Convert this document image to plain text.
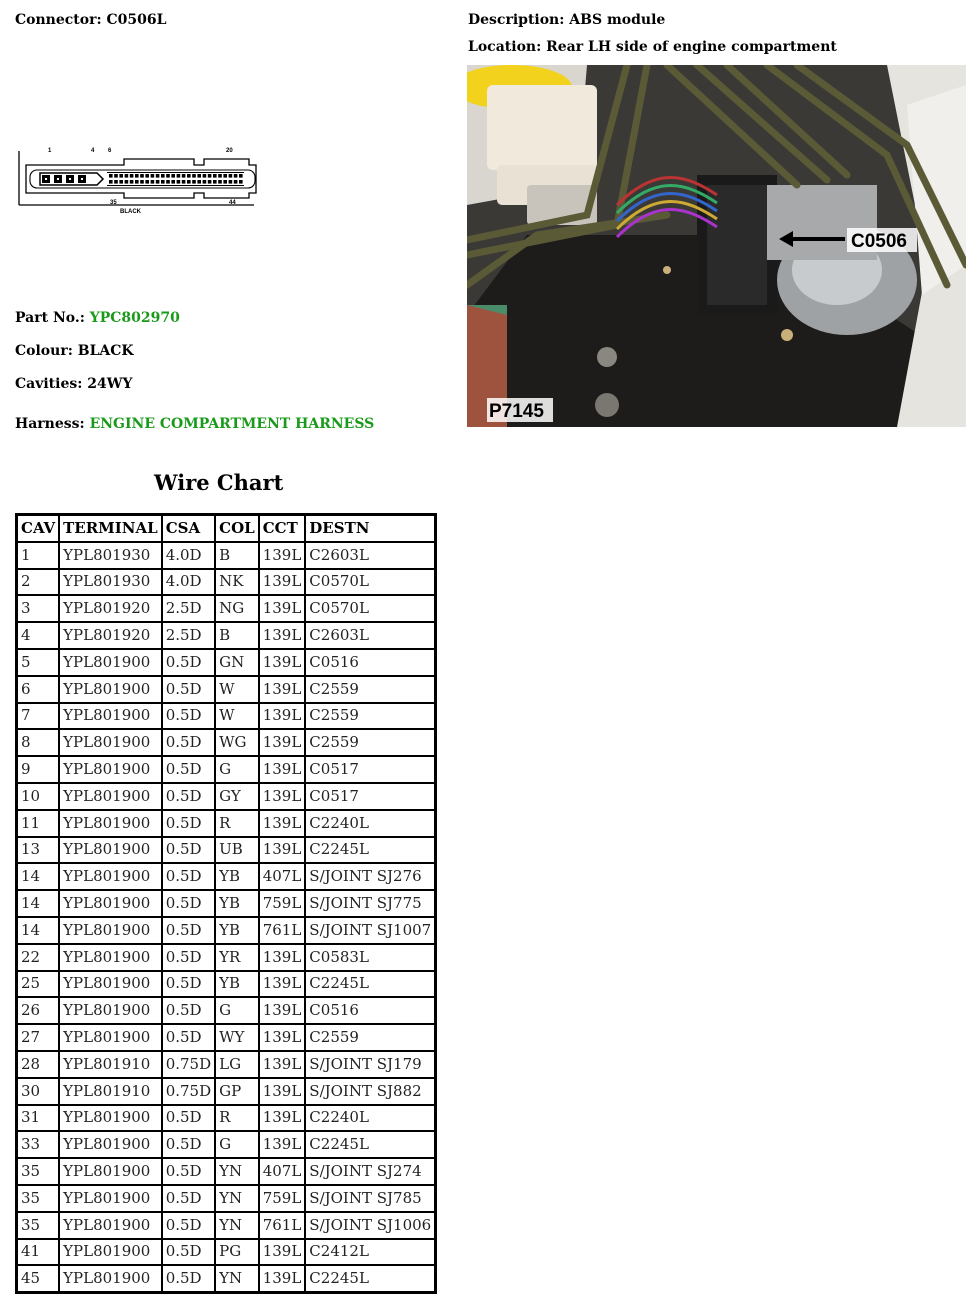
Connector: C0506L	Description: ABS module
Location: Rear LH side of engine compartment
1	4 6	20
35	44
BLACK
Part No.: YPC802970
Colour: BLACK
Cavities: 24WY
Harness: ENGINE COMPARTMENT HARNESS
C0506
P7145
Wire Chart
CAV	TERMINAL	CSA	COL	CCT	DESTN
1	YPL801930	4.0D	B	139L	C2603L
2	YPL801930	4.0D	NK	139L	C0570L
3	YPL801920	2.5D	NG	139L	C0570L
4	YPL801920	2.5D	B	139L	C2603L
5	YPL801900	0.5D	GN	139L	C0516
6	YPL801900	0.5D	W	139L	C2559
7	YPL801900	0.5D	W	139L	C2559
8	YPL801900	0.5D	WG	139L	C2559
9	YPL801900	0.5D	G	139L	C0517
10	YPL801900	0.5D	GY	139L	C0517
11	YPL801900	0.5D	R	139L	C2240L
13	YPL801900	0.5D	UB	139L	C2245L
14	YPL801900	0.5D	YB	407L	S/JOINT SJ276
14	YPL801900	0.5D	YB	759L	S/JOINT SJ775
14	YPL801900	0.5D	YB	761L	S/JOINT SJ1007
22	YPL801900	0.5D	YR	139L	C0583L
25	YPL801900	0.5D	YB	139L	C2245L
26	YPL801900	0.5D	G	139L	C0516
27	YPL801900	0.5D	WY	139L	C2559
28	YPL801910	0.75D	LG	139L	S/JOINT SJ179
30	YPL801910	0.75D	GP	139L	S/JOINT SJ882
31	YPL801900	0.5D	R	139L	C2240L
33	YPL801900	0.5D	G	139L	C2245L
35	YPL801900	0.5D	YN	407L	S/JOINT SJ274
35	YPL801900	0.5D	YN	759L	S/JOINT SJ785
35	YPL801900	0.5D	YN	761L	S/JOINT SJ1006
41	YPL801900	0.5D	PG	139L	C2412L
45	YPL801900	0.5D	YN	139L	C2245L
